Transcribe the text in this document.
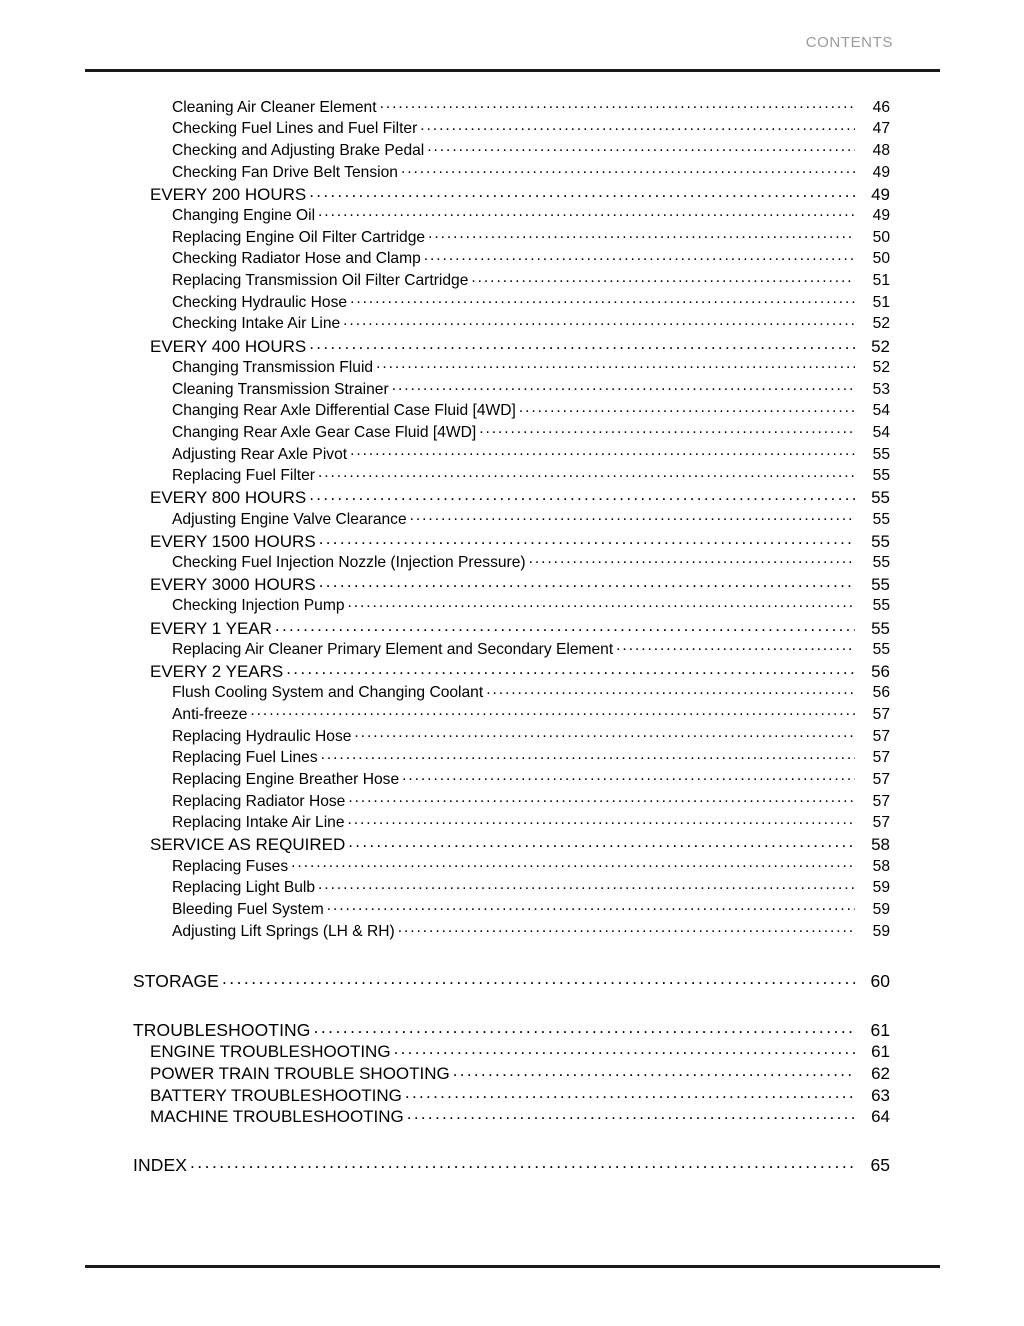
CONTENTS
Cleaning Air Cleaner Element . . .	46
Checking Fuel Lines and Fuel Filter . . .	47
Checking and Adjusting Brake Pedal . . .	48
Checking Fan Drive Belt Tension . . .	49
EVERY 200 HOURS . . .	49
Changing Engine Oil . . .	49
Replacing Engine Oil Filter Cartridge . . .	50
Checking Radiator Hose and Clamp . . .	50
Replacing Transmission Oil Filter Cartridge . . .	51
Checking Hydraulic Hose . . .	51
Checking Intake Air Line . . .	52
EVERY 400 HOURS . . .	52
Changing Transmission Fluid . . .	52
Cleaning Transmission Strainer . . .	53
Changing Rear Axle Differential Case Fluid [4WD] . . .	54
Changing Rear Axle Gear Case Fluid [4WD] . . .	54
Adjusting Rear Axle Pivot . . .	55
Replacing Fuel Filter . . .	55
EVERY 800 HOURS . . .	55
Adjusting Engine Valve Clearance . . .	55
EVERY 1500 HOURS . . .	55
Checking Fuel Injection Nozzle (Injection Pressure) . . .	55
EVERY 3000 HOURS . . .	55
Checking Injection Pump . . .	55
EVERY 1 YEAR . . .	55
Replacing Air Cleaner Primary Element and Secondary Element . . .	55
EVERY 2 YEARS . . .	56
Flush Cooling System and Changing Coolant . . .	56
Anti-freeze . . .	57
Replacing Hydraulic Hose . . .	57
Replacing Fuel Lines . . .	57
Replacing Engine Breather Hose . . .	57
Replacing Radiator Hose . . .	57
Replacing Intake Air Line . . .	57
SERVICE AS REQUIRED . . .	58
Replacing Fuses . . .	58
Replacing Light Bulb . . .	59
Bleeding Fuel System . . .	59
Adjusting Lift Springs (LH & RH) . . .	59
STORAGE . . .	60
TROUBLESHOOTING . . .	61
ENGINE TROUBLESHOOTING . . .	61
POWER TRAIN TROUBLE SHOOTING . . .	62
BATTERY TROUBLESHOOTING . . .	63
MACHINE TROUBLESHOOTING . . .	64
INDEX . . .	65
